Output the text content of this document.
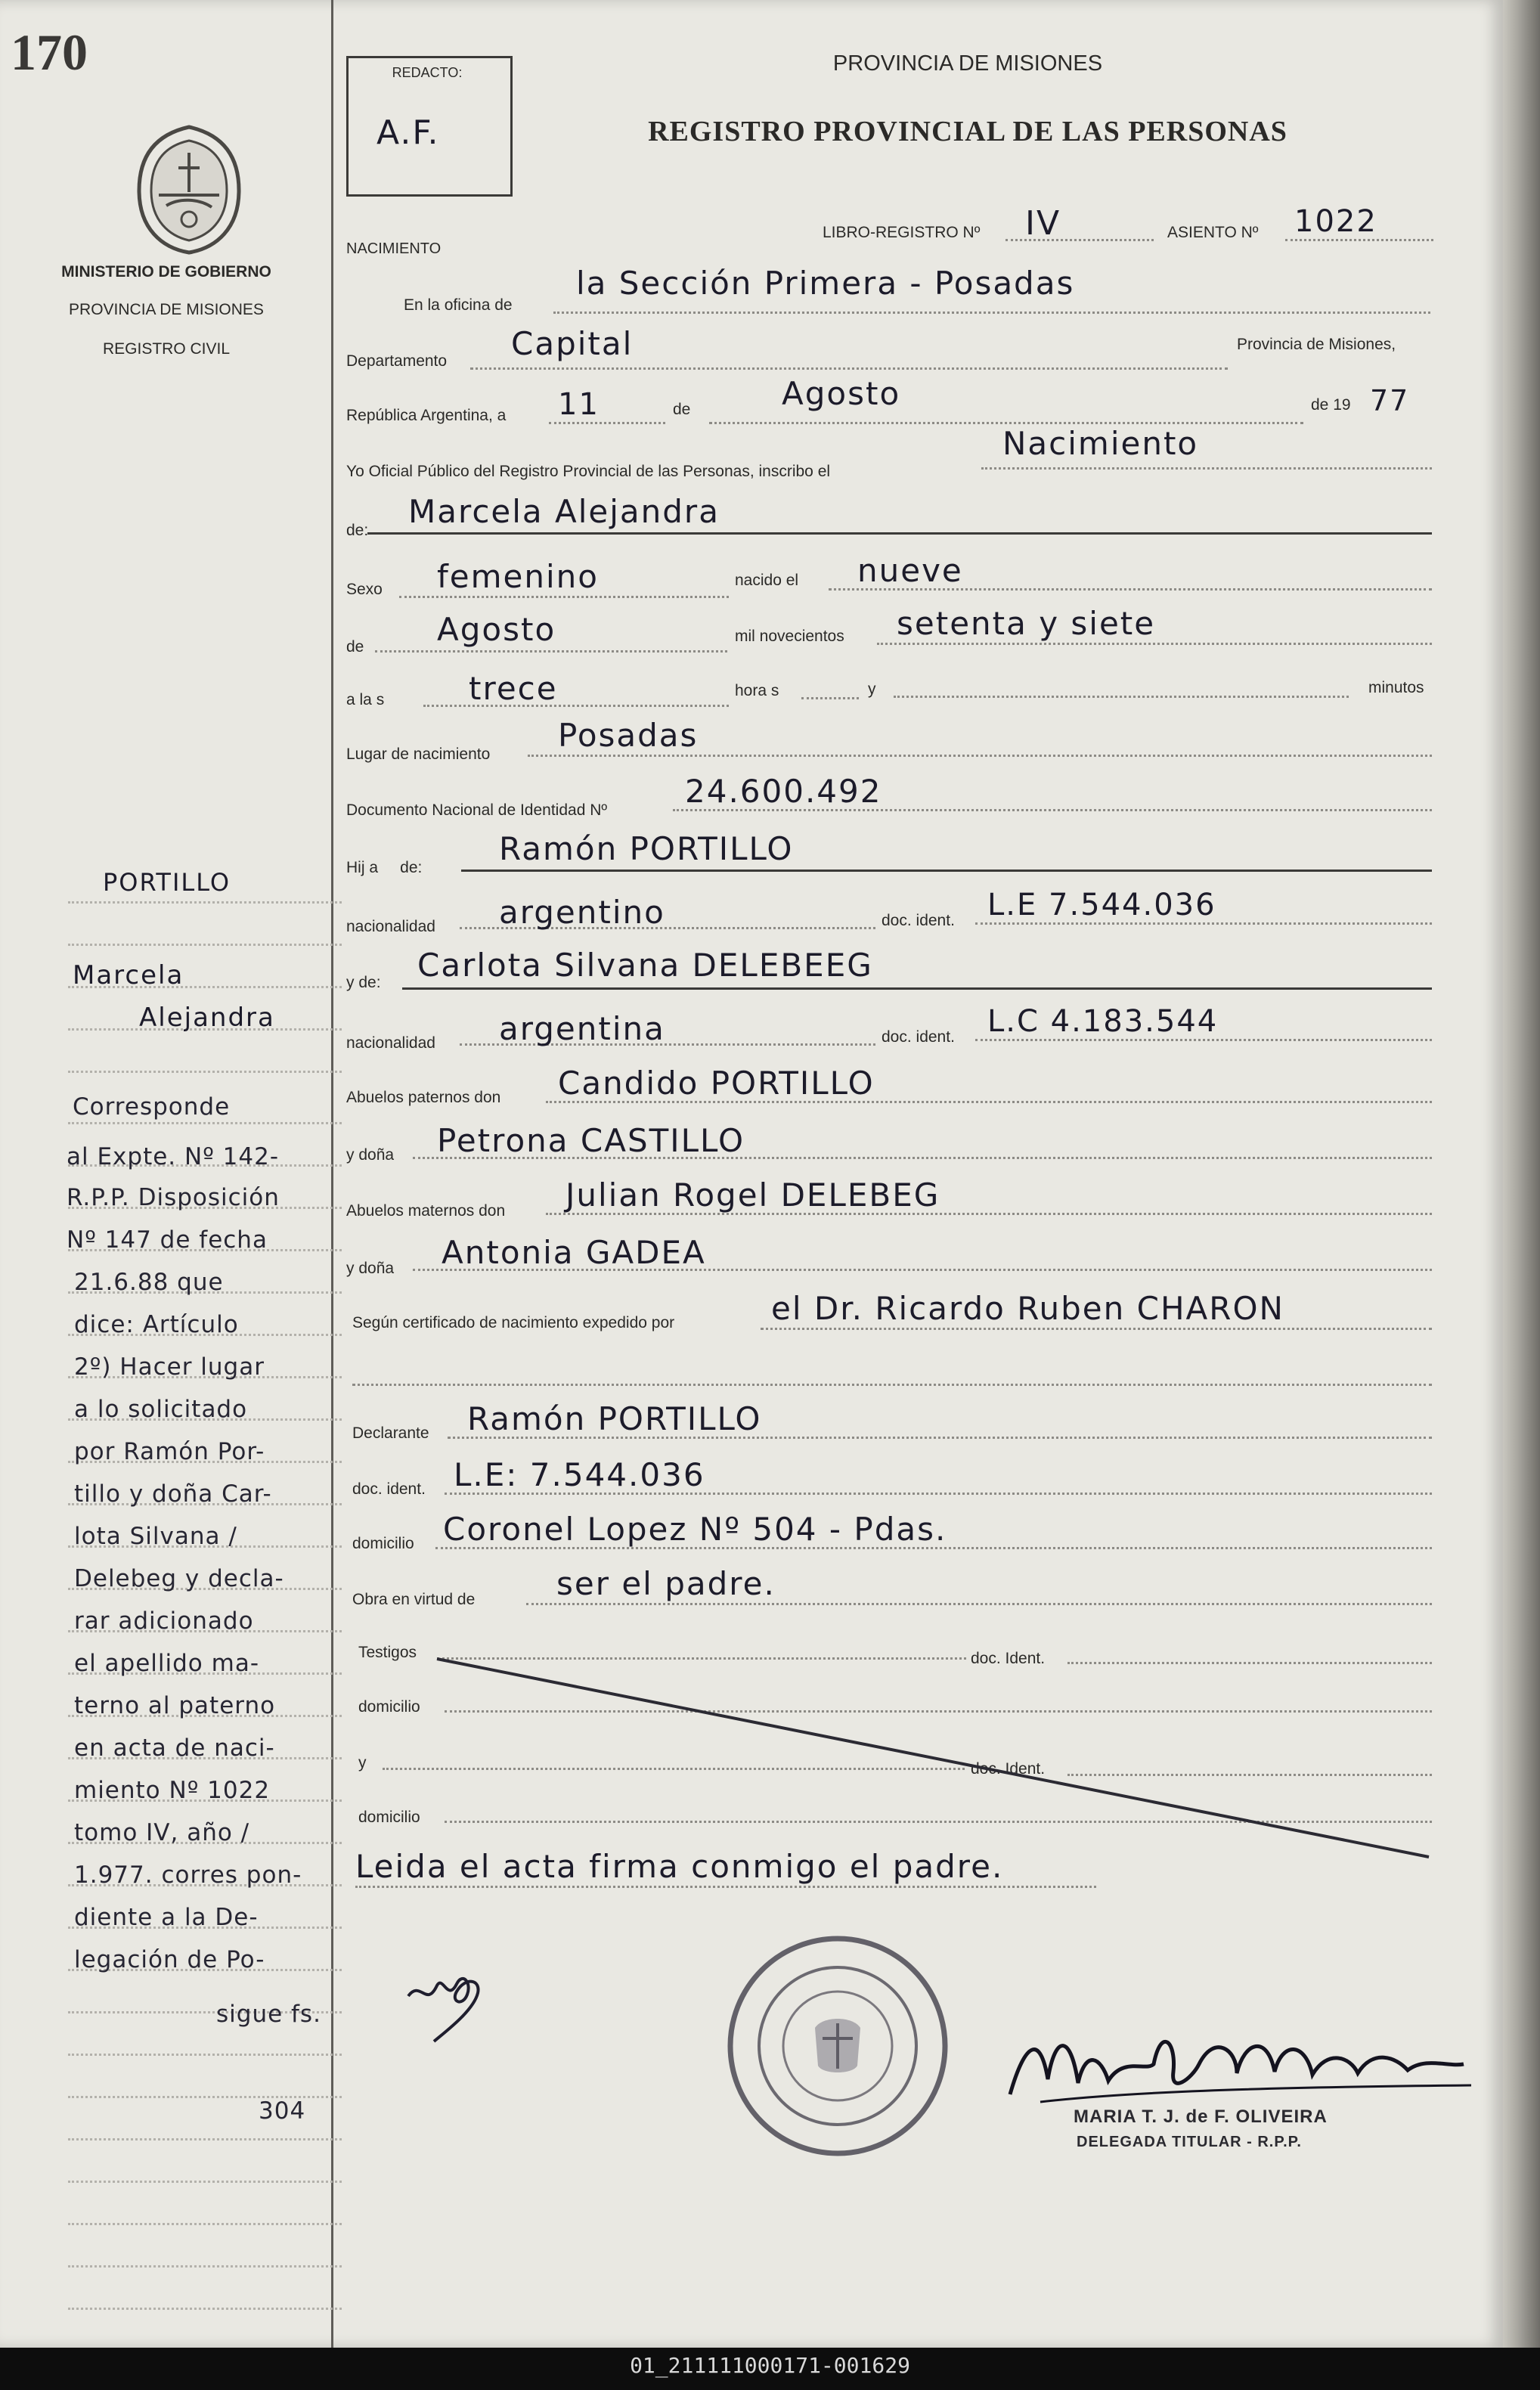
170
MINISTERIO DE GOBIERNO
PROVINCIA DE MISIONES
REGISTRO CIVIL
REDACTO:
A.F.
PROVINCIA DE MISIONES
REGISTRO PROVINCIAL DE LAS PERSONAS
NACIMIENTO
LIBRO-REGISTRO Nº IV	ASIENTO Nº 1022
En la oficina de
la Sección Primera - Posadas
Departamento Capital	Provincia de Misiones,
República Argentina, a 11	de	Agosto	de 19 77
Yo Oficial Público del Registro Provincial de las Personas, inscribo el
Nacimiento
de:
Marcela Alejandra
Sexo femenino	nacido el nueve
de Agosto	mil novecientos setenta y siete
a la s	trece	hora s	y	minutos
Lugar de nacimiento
Posadas
Documento Nacional de Identidad Nº
24.600.492
Hij a     de:
Ramón PORTILLO
nacionalidad argentino	doc. ident. L.E 7.544.036
y de: Carlota Silvana DELEBEEG
nacionalidad argentina	doc. ident. L.C 4.183.544
Abuelos paternos don Candido PORTILLO
y doña Petrona CASTILLO
Abuelos maternos don Julian Rogel DELEBEG
y doña Antonia GADEA
Según certificado de nacimiento expedido por	el Dr. Ricardo Ruben CHARON
Declarante Ramón PORTILLO
doc. ident. L.E: 7.544.036
domicilio Coronel Lopez Nº 504 - Pdas.
Obra en virtud de	ser el padre.
Testigos	doc. Ident.
domicilio
y	doc. Ident.
domicilio
Leida el acta firma conmigo el padre.
MARIA T. J. de F. OLIVEIRA
DELEGADA TITULAR - R.P.P.
PORTILLO
Marcela
Alejandra
Corresponde
al Expte. Nº 142-
R.P.P. Disposición
Nº 147 de fecha
21.6.88 que
dice: Artículo
2º) Hacer lugar
a lo solicitado
por Ramón Por-
tillo y doña Car-
lota Silvana /
Delebeg y decla-
rar adicionado
el apellido ma-
terno al paterno
en acta de naci-
miento Nº 1022
tomo IV, año /
1.977. corres pon-
diente a la De-
legación de Po-
sigue fs.
304
01_211111000171-001629
